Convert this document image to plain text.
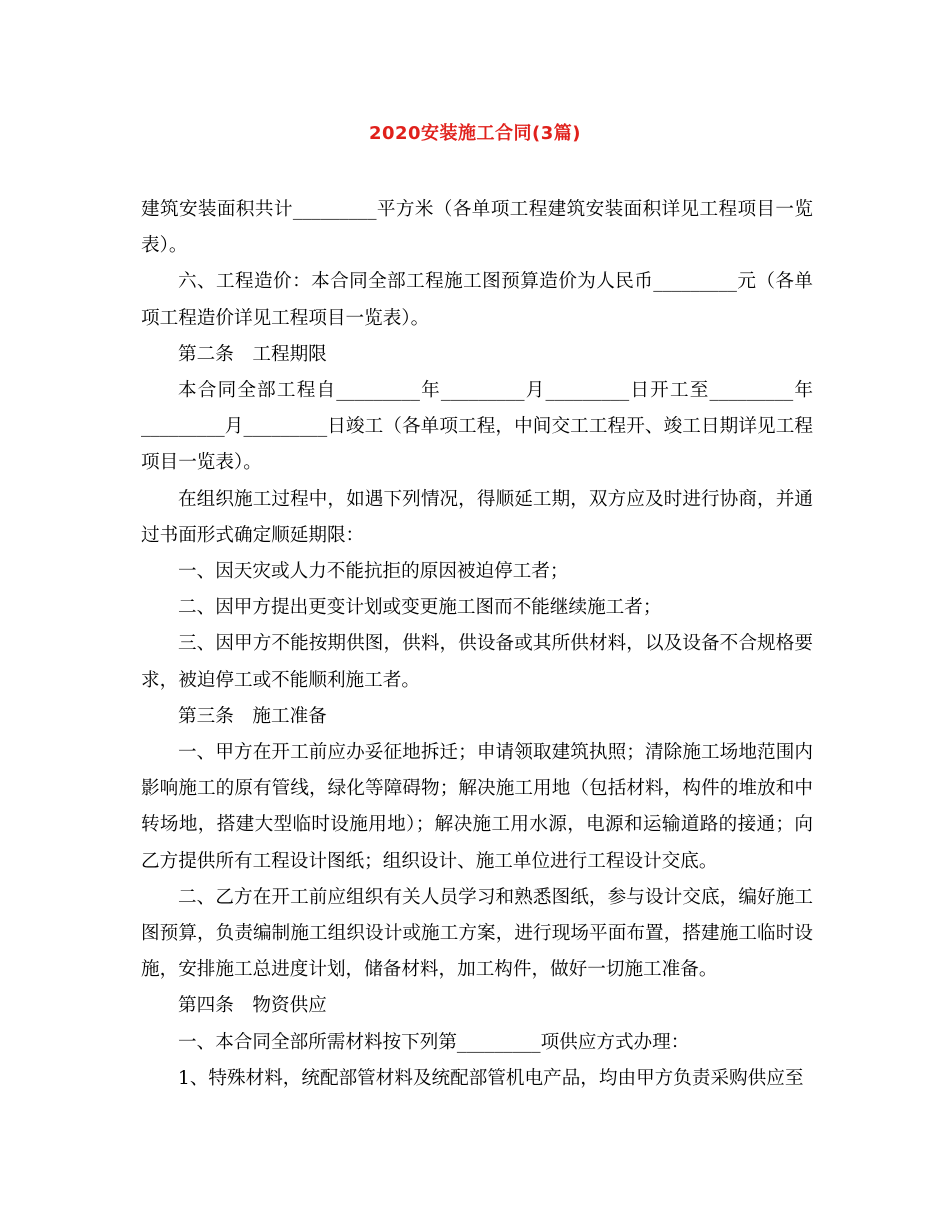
2020安装施工合同(3篇)

建筑安装面积共计_________平方米（各单项工程建筑安装面积详见工程项目一览表）。

六、工程造价：本合同全部工程施工图预算造价为人民币_________元（各单项工程造价详见工程项目一览表）。

第二条　工程期限

本合同全部工程自_________年_________月_________日开工至_________年_________月_________日竣工（各单项工程，中间交工工程开、竣工日期详见工程项目一览表）。

在组织施工过程中，如遇下列情况，得顺延工期，双方应及时进行协商，并通过书面形式确定顺延期限：

一、因天灾或人力不能抗拒的原因被迫停工者；

二、因甲方提出更变计划或变更施工图而不能继续施工者；

三、因甲方不能按期供图，供料，供设备或其所供材料，以及设备不合规格要求，被迫停工或不能顺利施工者。

第三条　施工准备

一、甲方在开工前应办妥征地拆迁；申请领取建筑执照；清除施工场地范围内影响施工的原有管线，绿化等障碍物；解决施工用地（包括材料，构件的堆放和中转场地，搭建大型临时设施用地）；解决施工用水源，电源和运输道路的接通；向乙方提供所有工程设计图纸；组织设计、施工单位进行工程设计交底。

二、乙方在开工前应组织有关人员学习和熟悉图纸，参与设计交底，编好施工图预算，负责编制施工组织设计或施工方案，进行现场平面布置，搭建施工临时设施，安排施工总进度计划，储备材料，加工构件，做好一切施工准备。

第四条　物资供应

一、本合同全部所需材料按下列第_________项供应方式办理：

1、特殊材料，统配部管材料及统配部管机电产品，均由甲方负责采购供应至
